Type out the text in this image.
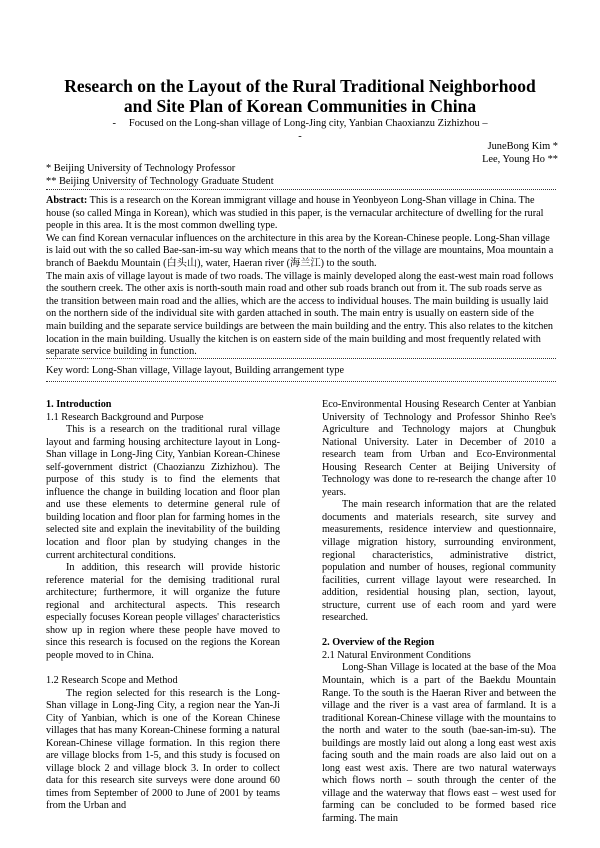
Research on the Layout of the Rural Traditional Neighborhood
and Site Plan of Korean Communities in China
-     Focused on the Long-shan village of Long-Jing city, Yanbian Chaoxianzu Zizhizhou –
-
JuneBong Kim *
Lee, Young Ho **
* Beijing University of Technology Professor
** Beijing University of Technology Graduate Student

Abstract: This is a research on the Korean immigrant village and house in Yeonbyeon Long-Shan village in China. The house (so called Minga in Korean), which was studied in this paper, is the vernacular architecture of dwelling for the rural people in this area. It is the most common dwelling type.

We can find Korean vernacular influences on the architecture in this area by the Korean-Chinese people. Long-Shan village is laid out with the so called Bae-san-im-su way which means that to the north of the village are mountains, Moa mountain a branch of Baekdu Mountain (白头山), water, Haeran river (海兰江) to the south.

The main axis of village layout is made of two roads. The village is mainly developed along the east-west main road follows the southern creek. The other axis is north-south main road and other sub roads branch out from it. The sub roads serve as the transition between main road and the allies, which are the access to individual houses. The main building is usually laid on the northern side of the individual site with garden attached in south. The main entry is usually on eastern side of the main building and the separate service buildings are between the main building and the entry. This also relates to the kitchen location in the main building. Usually the kitchen is on eastern side of the main building and most frequently related with separate service building in function.

Key word: Long-Shan village, Village layout, Building arrangement type

1. Introduction

1.1 Research Background and Purpose

This is a research on the traditional rural village layout and farming housing architecture layout in Long-Shan village in Long-Jing City, Yanbian Korean-Chinese self-government district (Chaozianzu Zizhizhou). The purpose of this study is to find the elements that influence the change in building location and floor plan and use these elements to determine general rule of building location and floor plan for farming homes in the selected site and explain the inevitability of the building location and floor plan by studying changes in the current architectural conditions.

In addition, this research will provide historic reference material for the demising traditional rural architecture; furthermore, it will organize the future regional and architectural aspects. This research especially focuses Korean people villages' characteristics show up in region where these people have moved to since this research is focused on the regions the Korean people moved to in China.

1.2 Research Scope and Method

The region selected for this research is the Long-Shan village in Long-Jing City, a region near the Yan-Ji City of Yanbian, which is one of the Korean Chinese villages that has many Korean-Chinese forming a natural Korean-Chinese village formation. In this region there are village blocks from 1-5, and this study is focused on village block 2 and village block 3. In order to collect data for this research site surveys were done around 60 times from September of 2000 to June of 2001 by teams from the Urban and

Eco-Environmental Housing Research Center at Yanbian University of Technology and Professor Shinho Ree's Agriculture and Technology majors at Chungbuk National University. Later in December of 2010 a research team from Urban and Eco-Environmental Housing Research Center at Beijing University of Technology was done to re-research the change after 10 years.

The main research information that are the related documents and materials research, site survey and measurements, residence interview and questionnaire, village migration history, surrounding environment, regional characteristics, administrative district, population and number of houses, regional community facilities, current village layout were researched. In addition, residential housing plan, section, layout, structure, current use of each room and yard were researched.

2. Overview of the Region

2.1 Natural Environment Conditions

Long-Shan Village is located at the base of the Moa Mountain, which is a part of the Baekdu Mountain Range. To the south is the Haeran River and between the village and the river is a vast area of farmland. It is a traditional Korean-Chinese village with the mountains to the north and water to the south (bae-san-im-su). The buildings are mostly laid out along a long east west axis facing south and the main roads are also laid out on a long east west axis. There are two natural waterways which flows north – south through the center of the village and the waterway that flows east – west used for farming can be concluded to be formed based rice farming. The main
